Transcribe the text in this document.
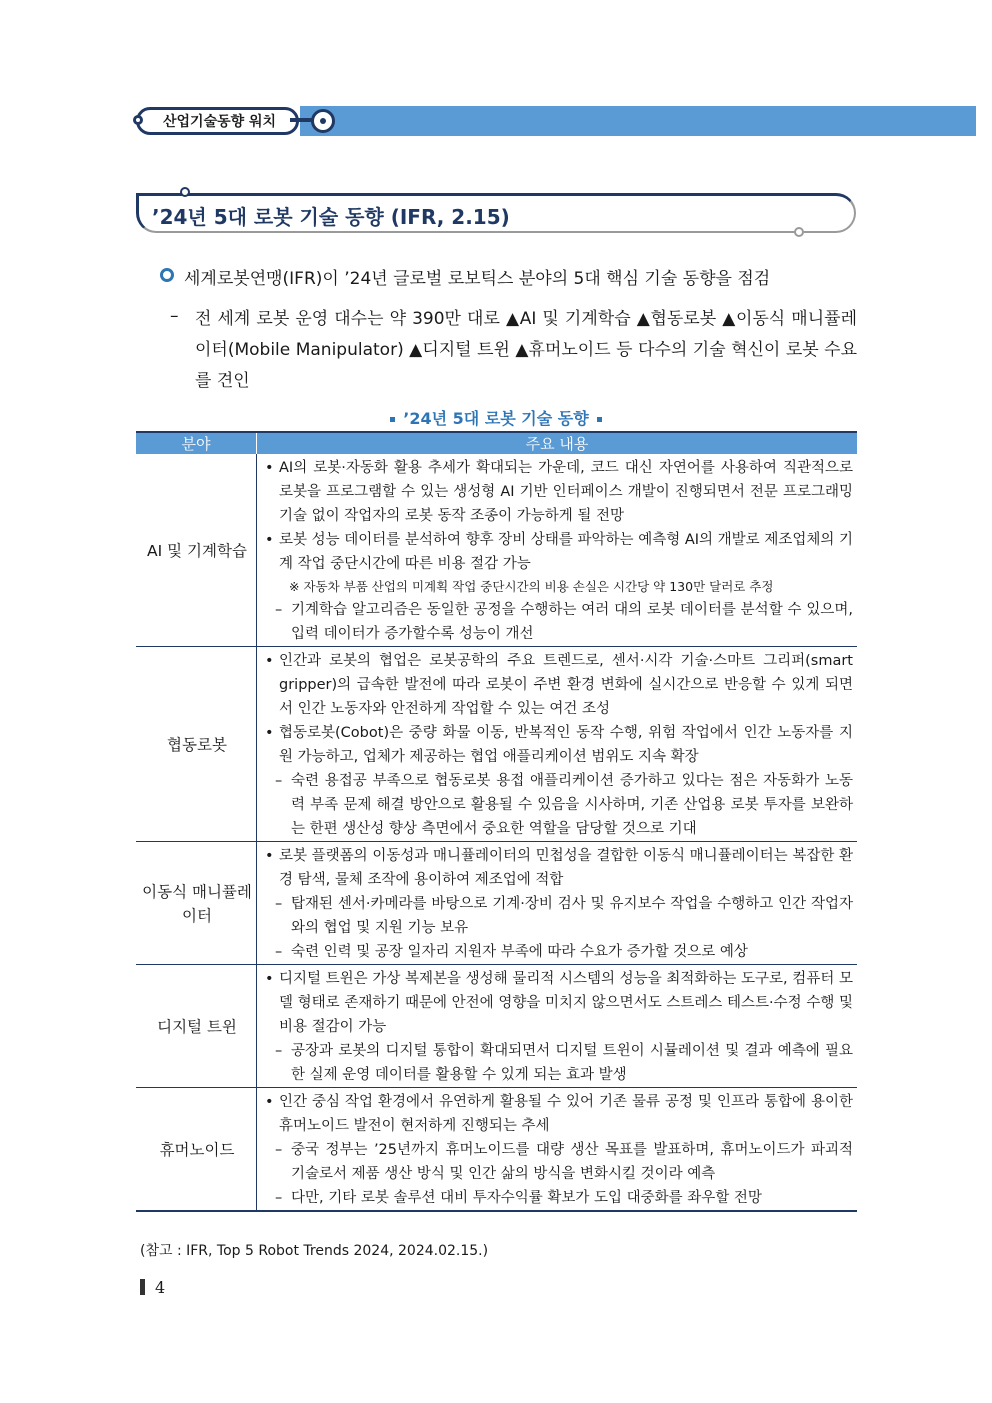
산업기술동향 워치
’24년 5대 로봇 기술 동향 (IFR, 2.15)
세계로봇연맹(IFR)이 ’24년 글로벌 로보틱스 분야의 5대 핵심 기술 동향을 점검
– 전 세계 로봇 운영 대수는 약 390만 대로 ▲AI 및 기계학습 ▲협동로봇 ▲이동식 매니퓰레이터(Mobile Manipulator) ▲디지털 트윈 ▲휴머노이드 등 다수의 기술 혁신이 로봇 수요를 견인
’24년 5대 로봇 기술 동향
분야	주요 내용
AI 및 기계학습	• AI의 로봇·자동화 활용 추세가 확대되는 가운데, 코드 대신 자연어를 사용하여 직관적으로 로봇을 프로그램할 수 있는 생성형 AI 기반 인터페이스 개발이 진행되면서 전문 프로그래밍 기술 없이 작업자의 로봇 동작 조종이 가능하게 될 전망
• 로봇 성능 데이터를 분석하여 향후 장비 상태를 파악하는 예측형 AI의 개발로 제조업체의 기계 작업 중단시간에 따른 비용 절감 가능
※ 자동차 부품 산업의 미계획 작업 중단시간의 비용 손실은 시간당 약 130만 달러로 추정
– 기계학습 알고리즘은 동일한 공정을 수행하는 여러 대의 로봇 데이터를 분석할 수 있으며, 입력 데이터가 증가할수록 성능이 개선

협동로봇	• 인간과 로봇의 협업은 로봇공학의 주요 트렌드로, 센서·시각 기술·스마트 그리퍼(smart gripper)의 급속한 발전에 따라 로봇이 주변 환경 변화에 실시간으로 반응할 수 있게 되면서 인간 노동자와 안전하게 작업할 수 있는 여건 조성
• 협동로봇(Cobot)은 중량 화물 이동, 반복적인 동작 수행, 위험 작업에서 인간 노동자를 지원 가능하고, 업체가 제공하는 협업 애플리케이션 범위도 지속 확장
– 숙련 용접공 부족으로 협동로봇 용접 애플리케이션 증가하고 있다는 점은 자동화가 노동력 부족 문제 해결 방안으로 활용될 수 있음을 시사하며, 기존 산업용 로봇 투자를 보완하는 한편 생산성 향상 측면에서 중요한 역할을 담당할 것으로 기대

이동식 매니퓰레이터	• 로봇 플랫폼의 이동성과 매니퓰레이터의 민첩성을 결합한 이동식 매니퓰레이터는 복잡한 환경 탐색, 물체 조작에 용이하여 제조업에 적합
– 탑재된 센서·카메라를 바탕으로 기계·장비 검사 및 유지보수 작업을 수행하고 인간 작업자와의 협업 및 지원 기능 보유
– 숙련 인력 및 공장 일자리 지원자 부족에 따라 수요가 증가할 것으로 예상

디지털 트윈	• 디지털 트윈은 가상 복제본을 생성해 물리적 시스템의 성능을 최적화하는 도구로, 컴퓨터 모델 형태로 존재하기 때문에 안전에 영향을 미치지 않으면서도 스트레스 테스트·수정 수행 및 비용 절감이 가능
– 공장과 로봇의 디지털 통합이 확대되면서 디지털 트윈이 시뮬레이션 및 결과 예측에 필요한 실제 운영 데이터를 활용할 수 있게 되는 효과 발생

휴머노이드	• 인간 중심 작업 환경에서 유연하게 활용될 수 있어 기존 물류 공정 및 인프라 통합에 용이한 휴머노이드 발전이 현저하게 진행되는 추세
– 중국 정부는 ’25년까지 휴머노이드를 대량 생산 목표를 발표하며, 휴머노이드가 파괴적 기술로서 제품 생산 방식 및 인간 삶의 방식을 변화시킬 것이라 예측
– 다만, 기타 로봇 솔루션 대비 투자수익률 확보가 도입 대중화를 좌우할 전망
(참고 : IFR, Top 5 Robot Trends 2024, 2024.02.15.)
4
